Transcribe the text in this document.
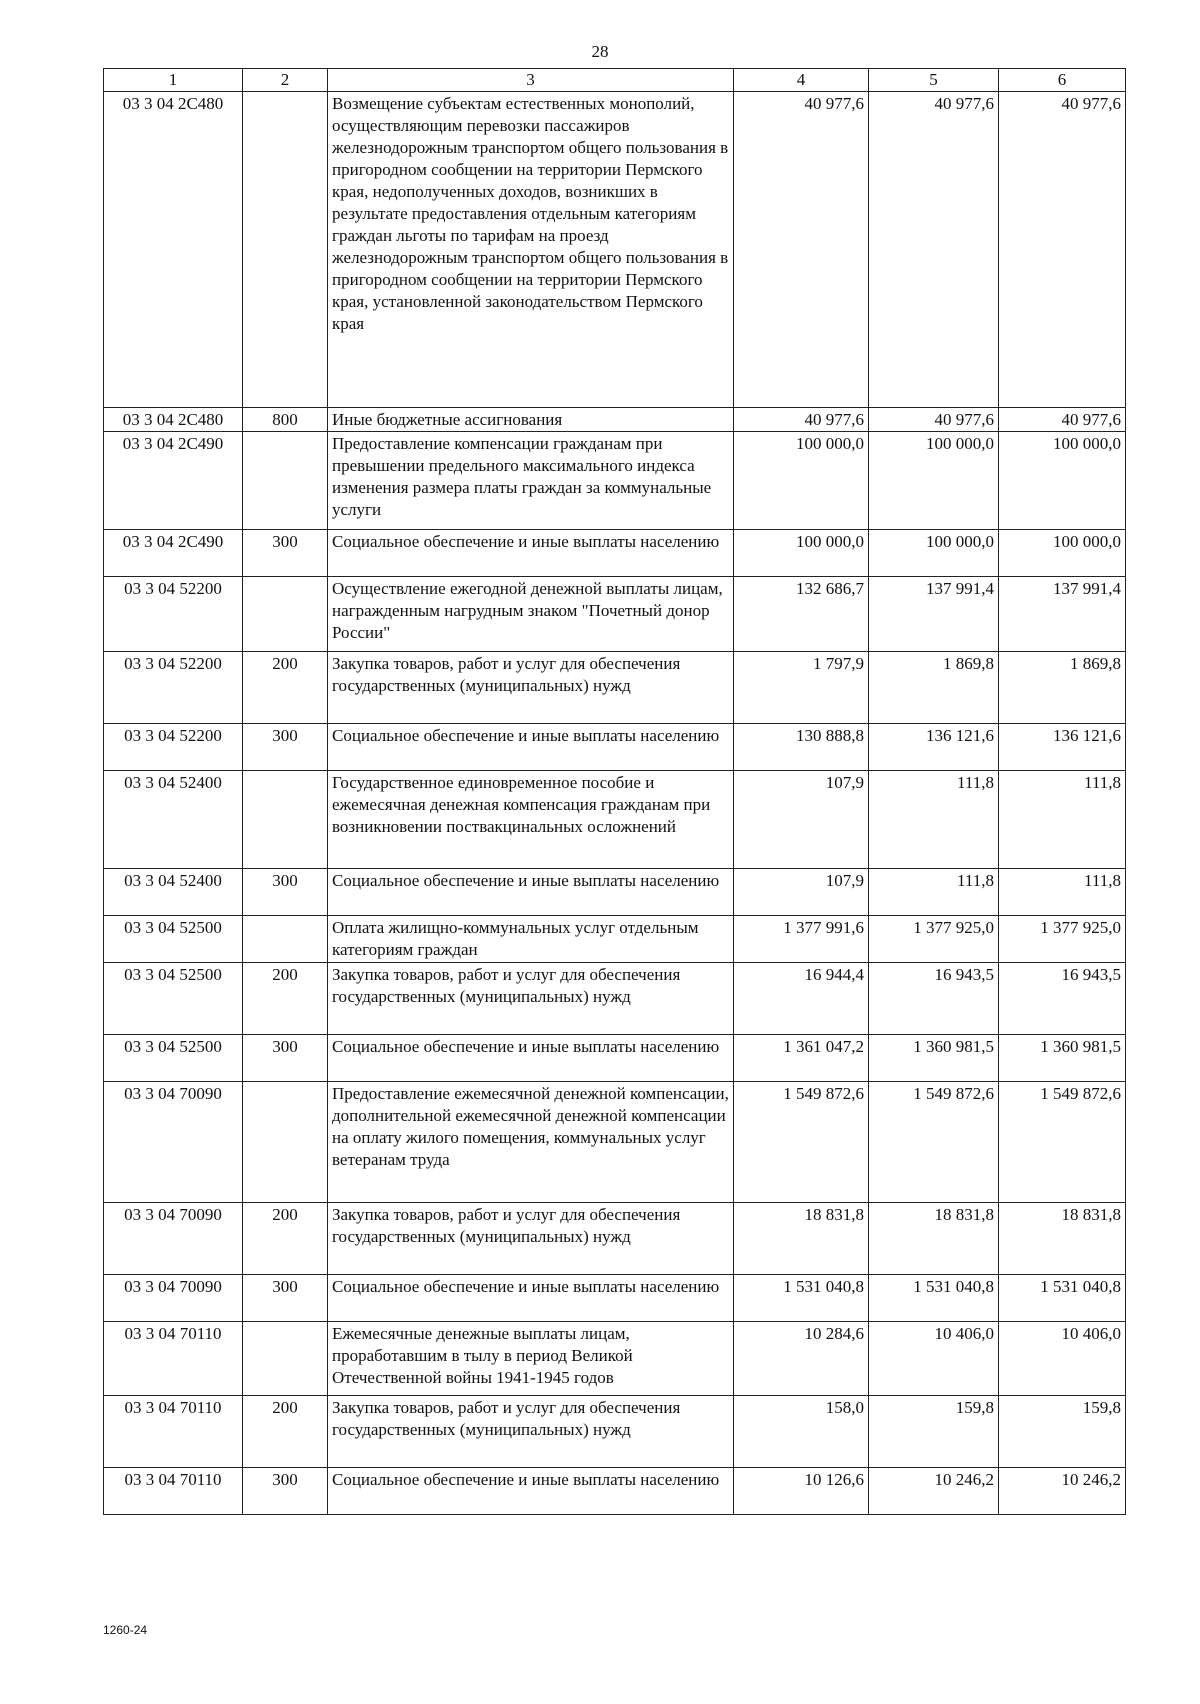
28
1	2	3	4	5	6
03 3 04 2С480		Возмещение субъектам естественных монополий, осуществляющим перевозки пассажиров железнодорожным транспортом общего пользования в пригородном сообщении на территории Пермского края, недополученных доходов, возникших в результате предоставления отдельным категориям граждан льготы по тарифам на проезд железнодорожным транспортом общего пользования в пригородном сообщении на территории Пермского края, установленной законодательством Пермского края	40 977,6	40 977,6	40 977,6
03 3 04 2С480	800	Иные бюджетные ассигнования	40 977,6	40 977,6	40 977,6
03 3 04 2С490		Предоставление компенсации гражданам при превышении предельного максимального индекса изменения размера платы граждан за коммунальные услуги	100 000,0	100 000,0	100 000,0
03 3 04 2С490	300	Социальное обеспечение и иные выплаты населению	100 000,0	100 000,0	100 000,0
03 3 04 52200		Осуществление ежегодной денежной выплаты лицам, награжденным нагрудным знаком "Почетный донор России"	132 686,7	137 991,4	137 991,4
03 3 04 52200	200	Закупка товаров, работ и услуг для обеспечения государственных (муниципальных) нужд	1 797,9	1 869,8	1 869,8
03 3 04 52200	300	Социальное обеспечение и иные выплаты населению	130 888,8	136 121,6	136 121,6
03 3 04 52400		Государственное единовременное пособие и ежемесячная денежная компенсация гражданам при возникновении поствакцинальных осложнений	107,9	111,8	111,8
03 3 04 52400	300	Социальное обеспечение и иные выплаты населению	107,9	111,8	111,8
03 3 04 52500		Оплата жилищно-коммунальных услуг отдельным категориям граждан	1 377 991,6	1 377 925,0	1 377 925,0
03 3 04 52500	200	Закупка товаров, работ и услуг для обеспечения государственных (муниципальных) нужд	16 944,4	16 943,5	16 943,5
03 3 04 52500	300	Социальное обеспечение и иные выплаты населению	1 361 047,2	1 360 981,5	1 360 981,5
03 3 04 70090		Предоставление ежемесячной денежной компенсации, дополнительной ежемесячной денежной компенсации на оплату жилого помещения, коммунальных услуг ветеранам труда	1 549 872,6	1 549 872,6	1 549 872,6
03 3 04 70090	200	Закупка товаров, работ и услуг для обеспечения государственных (муниципальных) нужд	18 831,8	18 831,8	18 831,8
03 3 04 70090	300	Социальное обеспечение и иные выплаты населению	1 531 040,8	1 531 040,8	1 531 040,8
03 3 04 70110		Ежемесячные денежные выплаты лицам, проработавшим в тылу в период Великой Отечественной войны 1941-1945 годов	10 284,6	10 406,0	10 406,0
03 3 04 70110	200	Закупка товаров, работ и услуг для обеспечения государственных (муниципальных) нужд	158,0	159,8	159,8
03 3 04 70110	300	Социальное обеспечение и иные выплаты населению	10 126,6	10 246,2	10 246,2
1260-24
